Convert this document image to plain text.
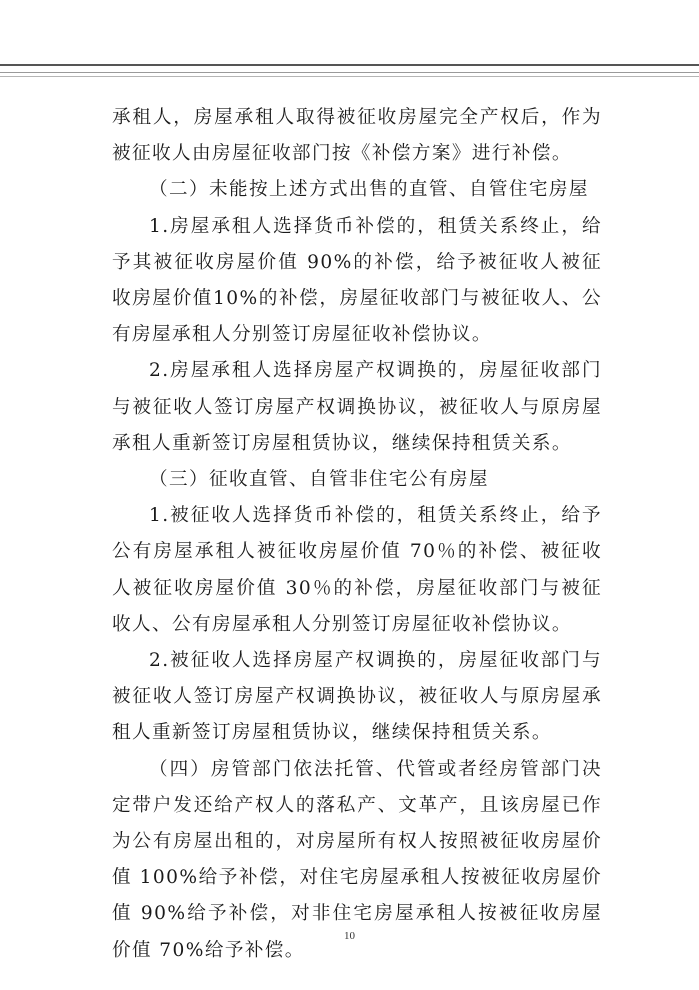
承租人，房屋承租人取得被征收房屋完全产权后，作为被征收人由房屋征收部门按《补偿方案》进行补偿。

（二）未能按上述方式出售的直管、自管住宅房屋

1.房屋承租人选择货币补偿的，租赁关系终止，给予其被征收房屋价值 90%的补偿，给予被征收人被征收房屋价值10%的补偿，房屋征收部门与被征收人、公有房屋承租人分别签订房屋征收补偿协议。

2.房屋承租人选择房屋产权调换的，房屋征收部门与被征收人签订房屋产权调换协议，被征收人与原房屋承租人重新签订房屋租赁协议，继续保持租赁关系。

（三）征收直管、自管非住宅公有房屋

1.被征收人选择货币补偿的，租赁关系终止，给予公有房屋承租人被征收房屋价值 70％的补偿、被征收人被征收房屋价值 30％的补偿，房屋征收部门与被征收人、公有房屋承租人分别签订房屋征收补偿协议。

2.被征收人选择房屋产权调换的，房屋征收部门与被征收人签订房屋产权调换协议，被征收人与原房屋承租人重新签订房屋租赁协议，继续保持租赁关系。

（四）房管部门依法托管、代管或者经房管部门决定带户发还给产权人的落私产、文革产，且该房屋已作为公有房屋出租的，对房屋所有权人按照被征收房屋价值 100%给予补偿，对住宅房屋承租人按被征收房屋价值 90%给予补偿，对非住宅房屋承租人按被征收房屋价值 70%给予补偿。

10
